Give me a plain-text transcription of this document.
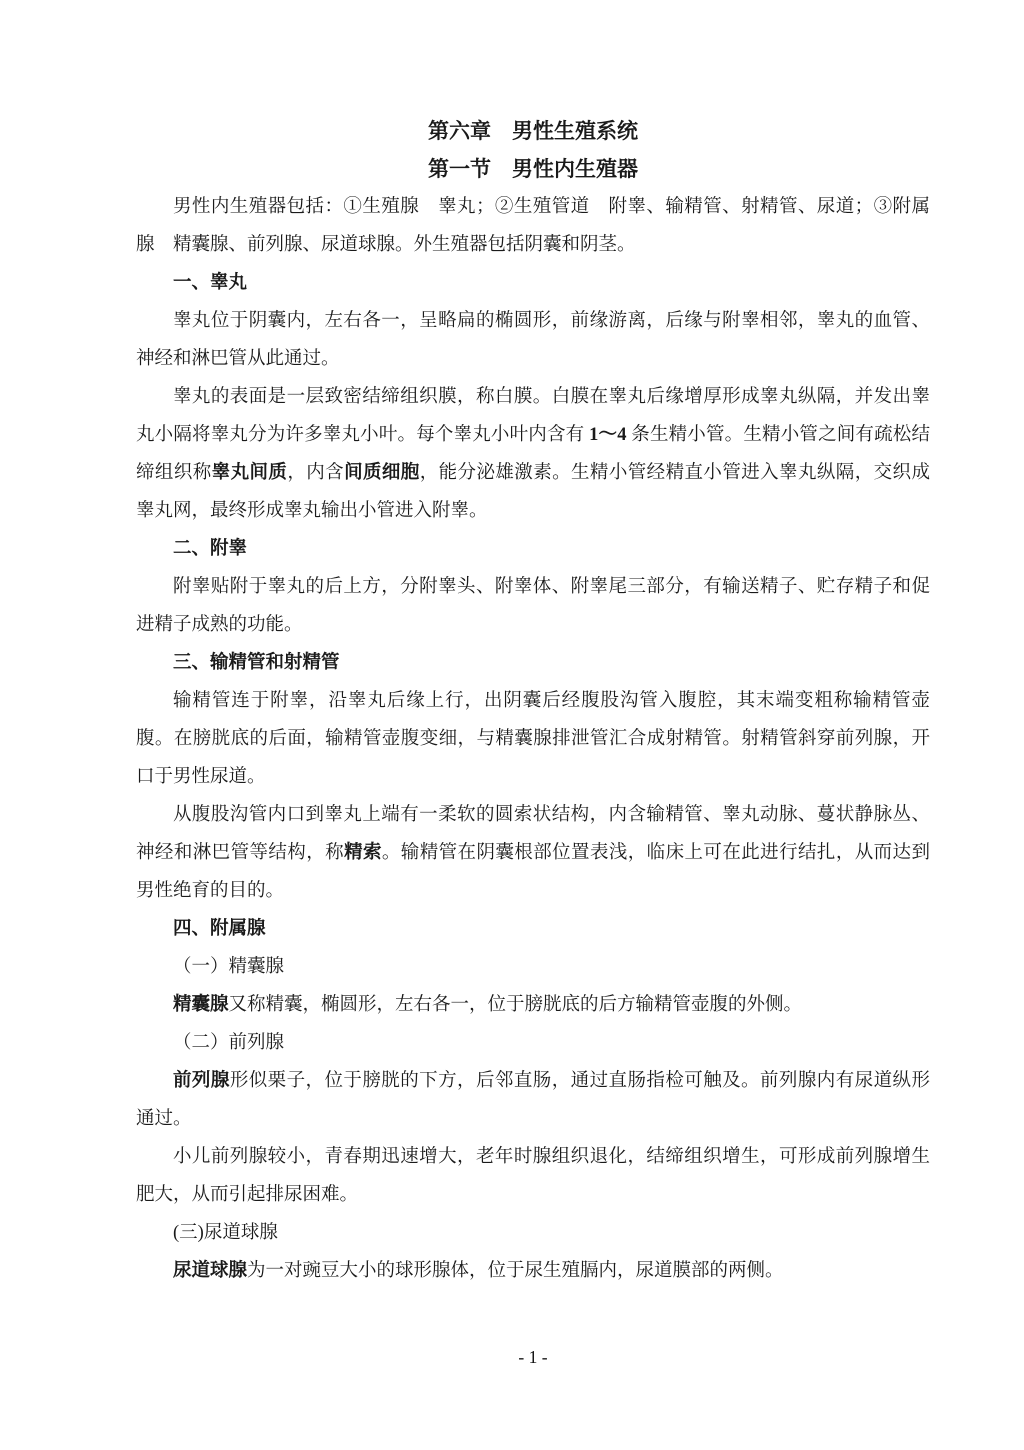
第六章　男性生殖系统

第一节　男性内生殖器

男性内生殖器包括：①生殖腺　睾丸；②生殖管道　附睾、输精管、射精管、尿道；③附属腺　精囊腺、前列腺、尿道球腺。外生殖器包括阴囊和阴茎。

一、睾丸

睾丸位于阴囊内，左右各一，呈略扁的椭圆形，前缘游离，后缘与附睾相邻，睾丸的血管、神经和淋巴管从此通过。

睾丸的表面是一层致密结缔组织膜，称白膜。白膜在睾丸后缘增厚形成睾丸纵隔，并发出睾丸小隔将睾丸分为许多睾丸小叶。每个睾丸小叶内含有 1～4 条生精小管。生精小管之间有疏松结缔组织称睾丸间质，内含间质细胞，能分泌雄激素。生精小管经精直小管进入睾丸纵隔，交织成睾丸网，最终形成睾丸输出小管进入附睾。

二、附睾

附睾贴附于睾丸的后上方，分附睾头、附睾体、附睾尾三部分，有输送精子、贮存精子和促进精子成熟的功能。

三、输精管和射精管

输精管连于附睾，沿睾丸后缘上行，出阴囊后经腹股沟管入腹腔，其末端变粗称输精管壶腹。在膀胱底的后面，输精管壶腹变细，与精囊腺排泄管汇合成射精管。射精管斜穿前列腺，开口于男性尿道。

从腹股沟管内口到睾丸上端有一柔软的圆索状结构，内含输精管、睾丸动脉、蔓状静脉丛、神经和淋巴管等结构，称精索。输精管在阴囊根部位置表浅，临床上可在此进行结扎，从而达到男性绝育的目的。

四、附属腺

（一）精囊腺

精囊腺又称精囊，椭圆形，左右各一，位于膀胱底的后方输精管壶腹的外侧。

（二）前列腺

前列腺形似栗子，位于膀胱的下方，后邻直肠，通过直肠指检可触及。前列腺内有尿道纵形通过。

小儿前列腺较小，青春期迅速增大，老年时腺组织退化，结缔组织增生，可形成前列腺增生肥大，从而引起排尿困难。

(三)尿道球腺

尿道球腺为一对豌豆大小的球形腺体，位于尿生殖膈内，尿道膜部的两侧。

- 1 -
